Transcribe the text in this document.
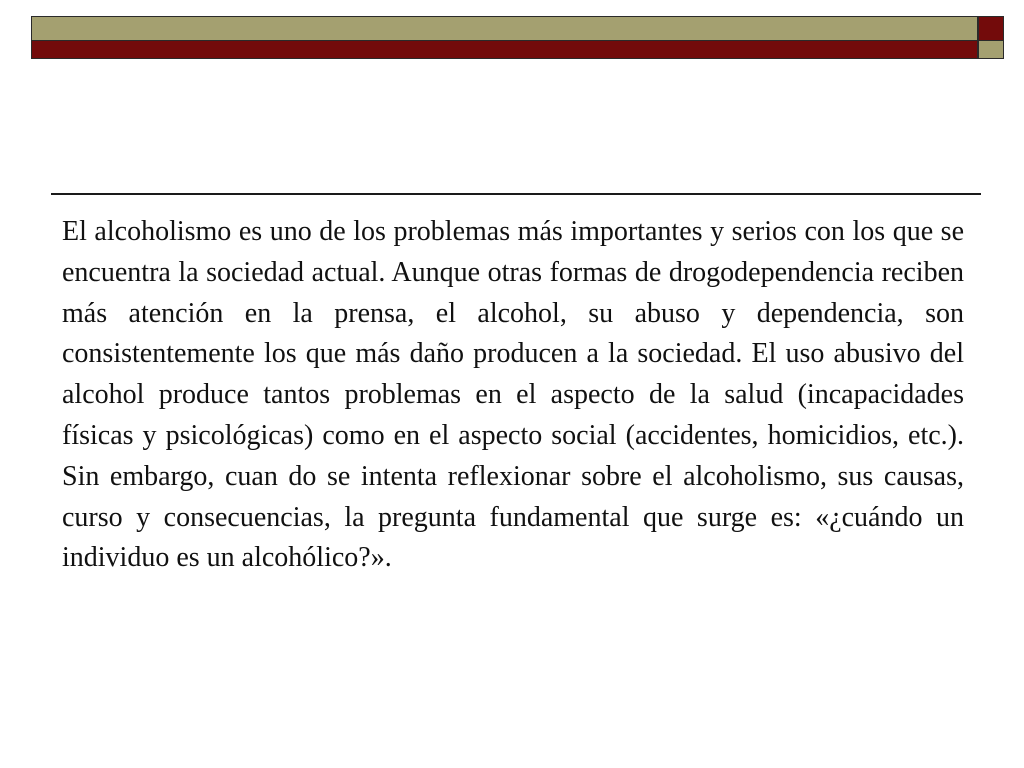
El alcoholismo es uno de los problemas más importantes y serios con los que se encuentra la sociedad actual. Aunque otras formas de drogodependencia reciben más atención en la prensa, el alcohol, su abuso y dependencia, son consistentemente los que más daño producen a la sociedad. El uso abusivo del alcohol produce tantos problemas en el aspecto de la salud (incapacidades físicas y psicológicas) como en el aspecto social (accidentes, homicidios, etc.). Sin embargo, cuan do se intenta reflexionar sobre el alcoholismo, sus causas, curso y consecuencias, la pregunta fundamental que surge es: «¿cuándo un individuo es un alcohólico?».
